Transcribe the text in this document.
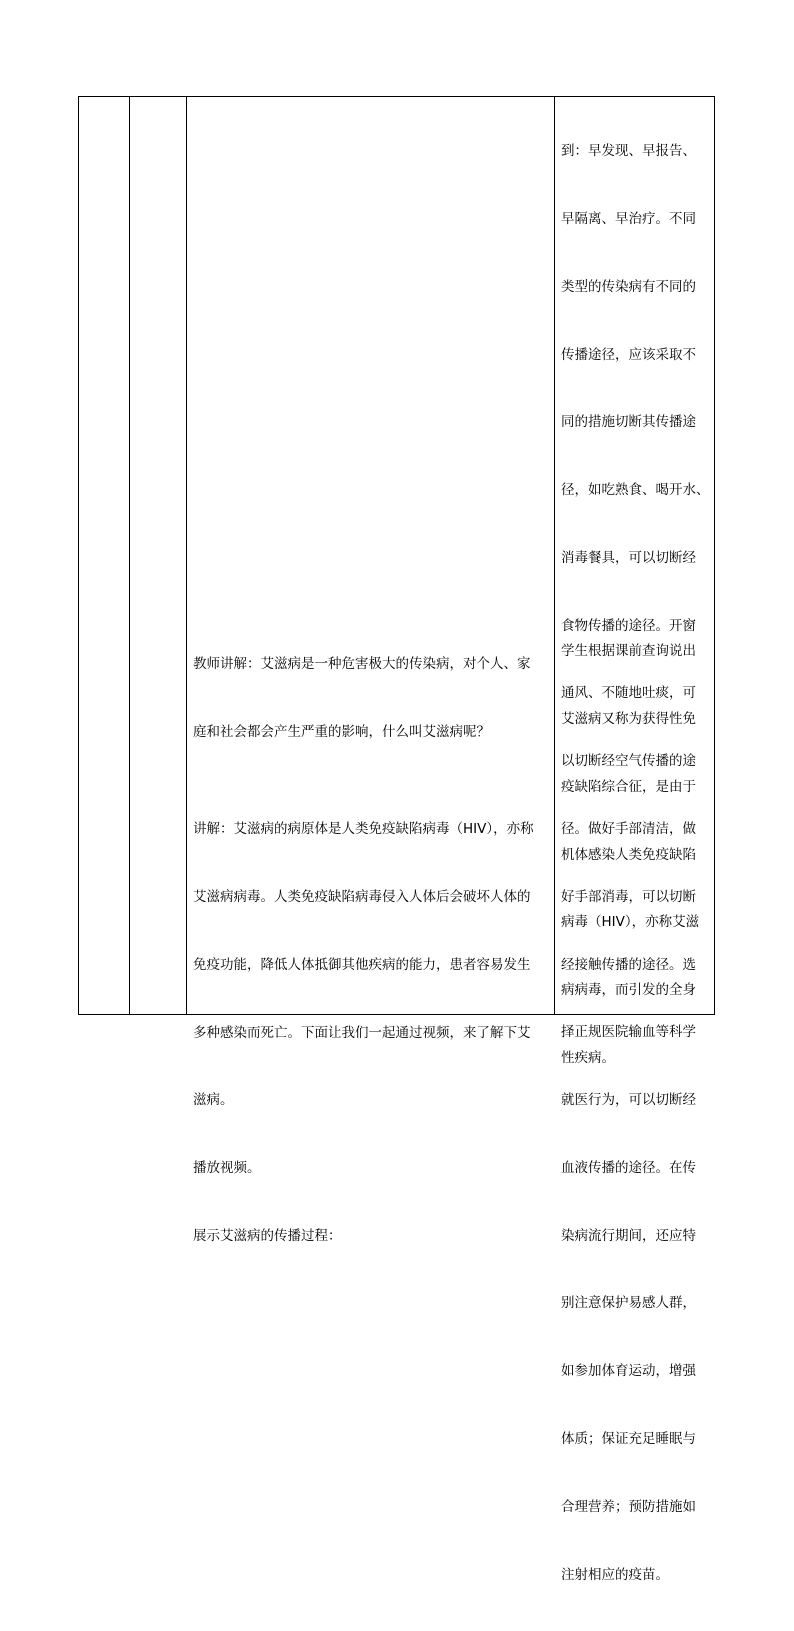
教师讲解：艾滋病是一种危害极大的传染病，对个人、家

庭和社会都会产生严重的影响，什么叫艾滋病呢？

讲解：艾滋病的病原体是人类免疫缺陷病毒（HIV），亦称

艾滋病病毒。人类免疫缺陷病毒侵入人体后会破坏人体的

免疫功能，降低人体抵御其他疾病的能力，患者容易发生

多种感染而死亡。下面让我们一起通过视频，来了解下艾

滋病。

播放视频。

展示艾滋病的传播过程：

到：早发现、早报告、

早隔离、早治疗。不同

类型的传染病有不同的

传播途径，应该采取不

同的措施切断其传播途

径，如吃熟食、喝开水、

消毒餐具，可以切断经

食物传播的途径。开窗

通风、不随地吐痰，可

以切断经空气传播的途

径。做好手部清洁，做

好手部消毒，可以切断

经接触传播的途径。选

择正规医院输血等科学

就医行为，可以切断经

血液传播的途径。在传

染病流行期间，还应特

别注意保护易感人群，

如参加体育运动，增强

体质；保证充足睡眠与

合理营养；预防措施如

注射相应的疫苗。

学生根据课前查询说出

艾滋病又称为获得性免

疫缺陷综合征，是由于

机体感染人类免疫缺陷

病毒（HIV），亦称艾滋

病病毒，而引发的全身

性疾病。
